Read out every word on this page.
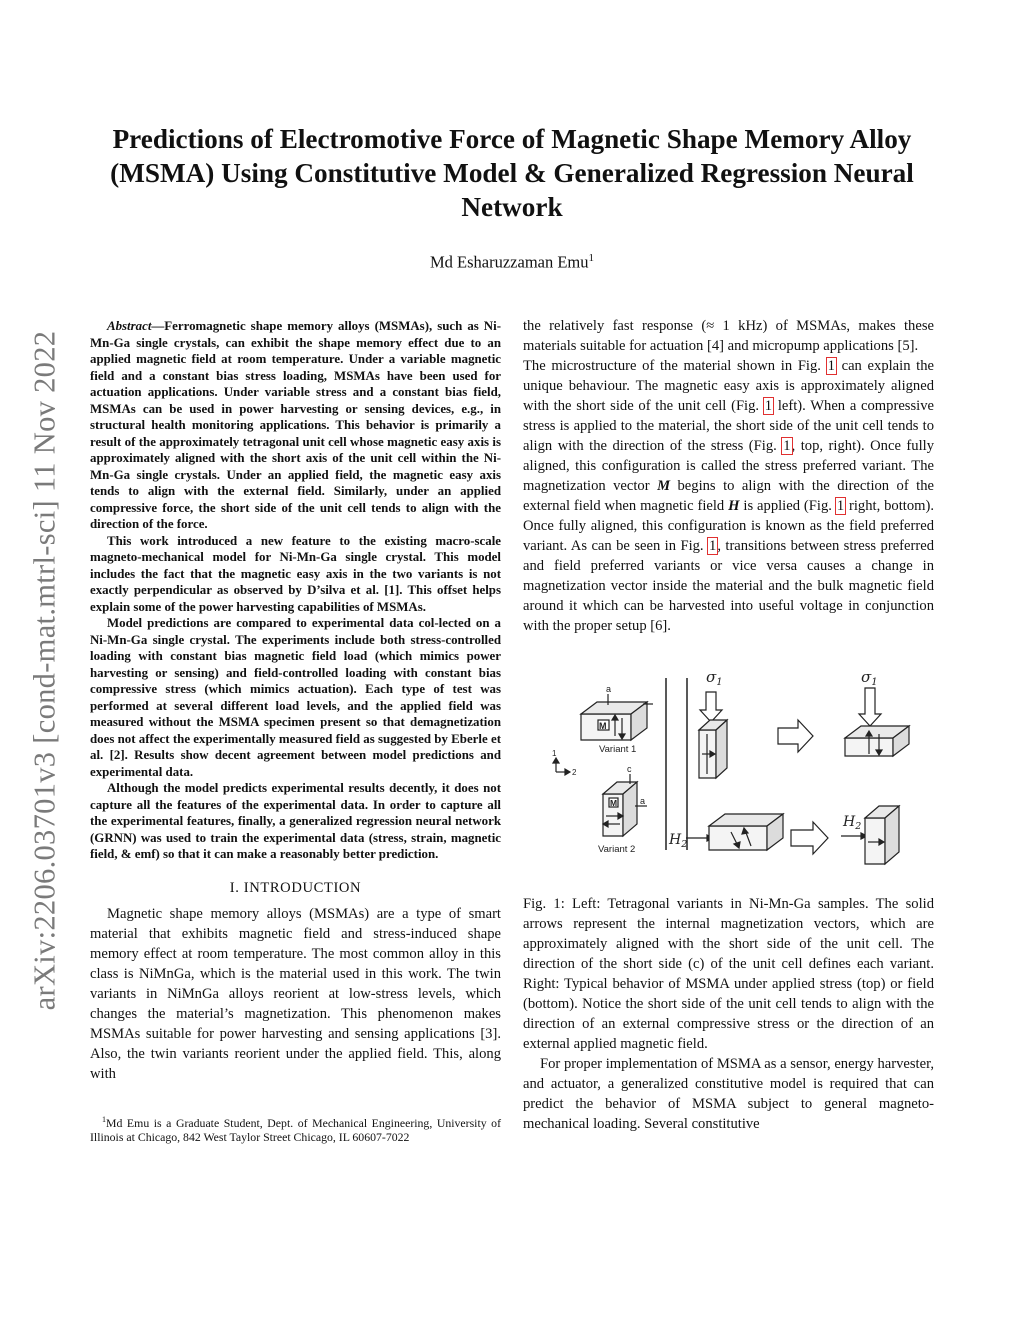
arXiv:2206.03701v3 [cond-mat.mtrl-sci] 11 Nov 2022
Predictions of Electromotive Force of Magnetic Shape Memory Alloy (MSMA) Using Constitutive Model & Generalized Regression Neural Network
Md Esharuzzaman Emu$^1$

Abstract—Ferromagnetic shape memory alloys (MSMAs), such as Ni-Mn-Ga single crystals, can exhibit the shape memory effect due to an applied magnetic field at room temperature. Under a variable magnetic field and a constant bias stress loading, MSMAs have been used for actuation applications. Under variable stress and a constant bias field, MSMAs can be used in power harvesting or sensing devices, e.g., in structural health monitoring applications. This behavior is primarily a result of the approximately tetragonal unit cell whose magnetic easy axis is approximately aligned with the short axis of the unit cell within the Ni-Mn-Ga single crystals. Under an applied field, the magnetic easy axis tends to align with the external field. Similarly, under an applied compressive force, the short side of the unit cell tends to align with the direction of the force.

This work introduced a new feature to the existing macro-scale magneto-mechanical model for Ni-Mn-Ga single crystal. This model includes the fact that the magnetic easy axis in the two variants is not exactly perpendicular as observed by D’silva et al. [1]. This offset helps explain some of the power harvesting capabilities of MSMAs.

Model predictions are compared to experimental data col-lected on a Ni-Mn-Ga single crystal. The experiments include both stress-controlled loading with constant bias magnetic field load (which mimics power harvesting or sensing) and field-controlled loading with constant bias compressive stress (which mimics actuation). Each type of test was performed at several different load levels, and the applied field was measured without the MSMA specimen present so that demagnetization does not affect the experimentally measured field as suggested by Eberle et al. [2]. Results show decent agreement between model predictions and experimental data.

Although the model predicts experimental results decently, it does not capture all the features of the experimental data. In order to capture all the experimental features, finally, a generalized regression neural network (GRNN) was used to train the experimental data (stress, strain, magnetic field, & emf) so that it can make a reasonably better prediction.

I. INTRODUCTION

Magnetic shape memory alloys (MSMAs) are a type of smart material that exhibits magnetic field and stress-induced shape memory effect at room temperature. The most common alloy in this class is NiMnGa, which is the material used in this work. The twin variants in NiMnGa alloys reorient at low-stress levels, which changes the material’s magnetization. This phenomenon makes MSMAs suitable for power harvesting and sensing applications [3]. Also, the twin variants reorient under the applied field. This, along with

$^1$Md Emu is a Graduate Student, Dept. of Mechanical Engineering, University of Illinois at Chicago, 842 West Taylor Street Chicago, IL 60607-7022

the relatively fast response (≈ 1 kHz) of MSMAs, makes these materials suitable for actuation [4] and micropump applications [5].

The microstructure of the material shown in Fig. 1 can explain the unique behaviour. The magnetic easy axis is approximately aligned with the short side of the unit cell (Fig. 1 left). When a compressive stress is applied to the material, the short side of the unit cell tends to align with the direction of the stress (Fig. 1, top, right). Once fully aligned, this configuration is called the stress preferred variant. The magnetization vector M begins to align with the direction of the external field when magnetic field H is applied (Fig. 1 right, bottom). Once fully aligned, this configuration is known as the field preferred variant. As can be seen in Fig. 1, transitions between stress preferred and field preferred variants or vice versa causes a change in magnetization vector inside the material and the bulk magnetic field around it which can be harvested into useful voltage in conjunction with the proper setup [6].

a
M
Variant 1
1
2	c
M	a
Variant 2
$\sigma_1$	$\sigma_1$
$H_2$
$H_2$

Fig. 1: Left: Tetragonal variants in Ni-Mn-Ga samples. The solid arrows represent the internal magnetization vectors, which are approximately aligned with the short side of the unit cell. The direction of the short side (c) of the unit cell defines each variant. Right: Typical behavior of MSMA under applied stress (top) or field (bottom). Notice the short side of the unit cell tends to align with the direction of an external compressive stress or the direction of an external applied magnetic field.

For proper implementation of MSMA as a sensor, energy harvester, and actuator, a generalized constitutive model is required that can predict the behavior of MSMA subject to general magneto-mechanical loading. Several constitutive
